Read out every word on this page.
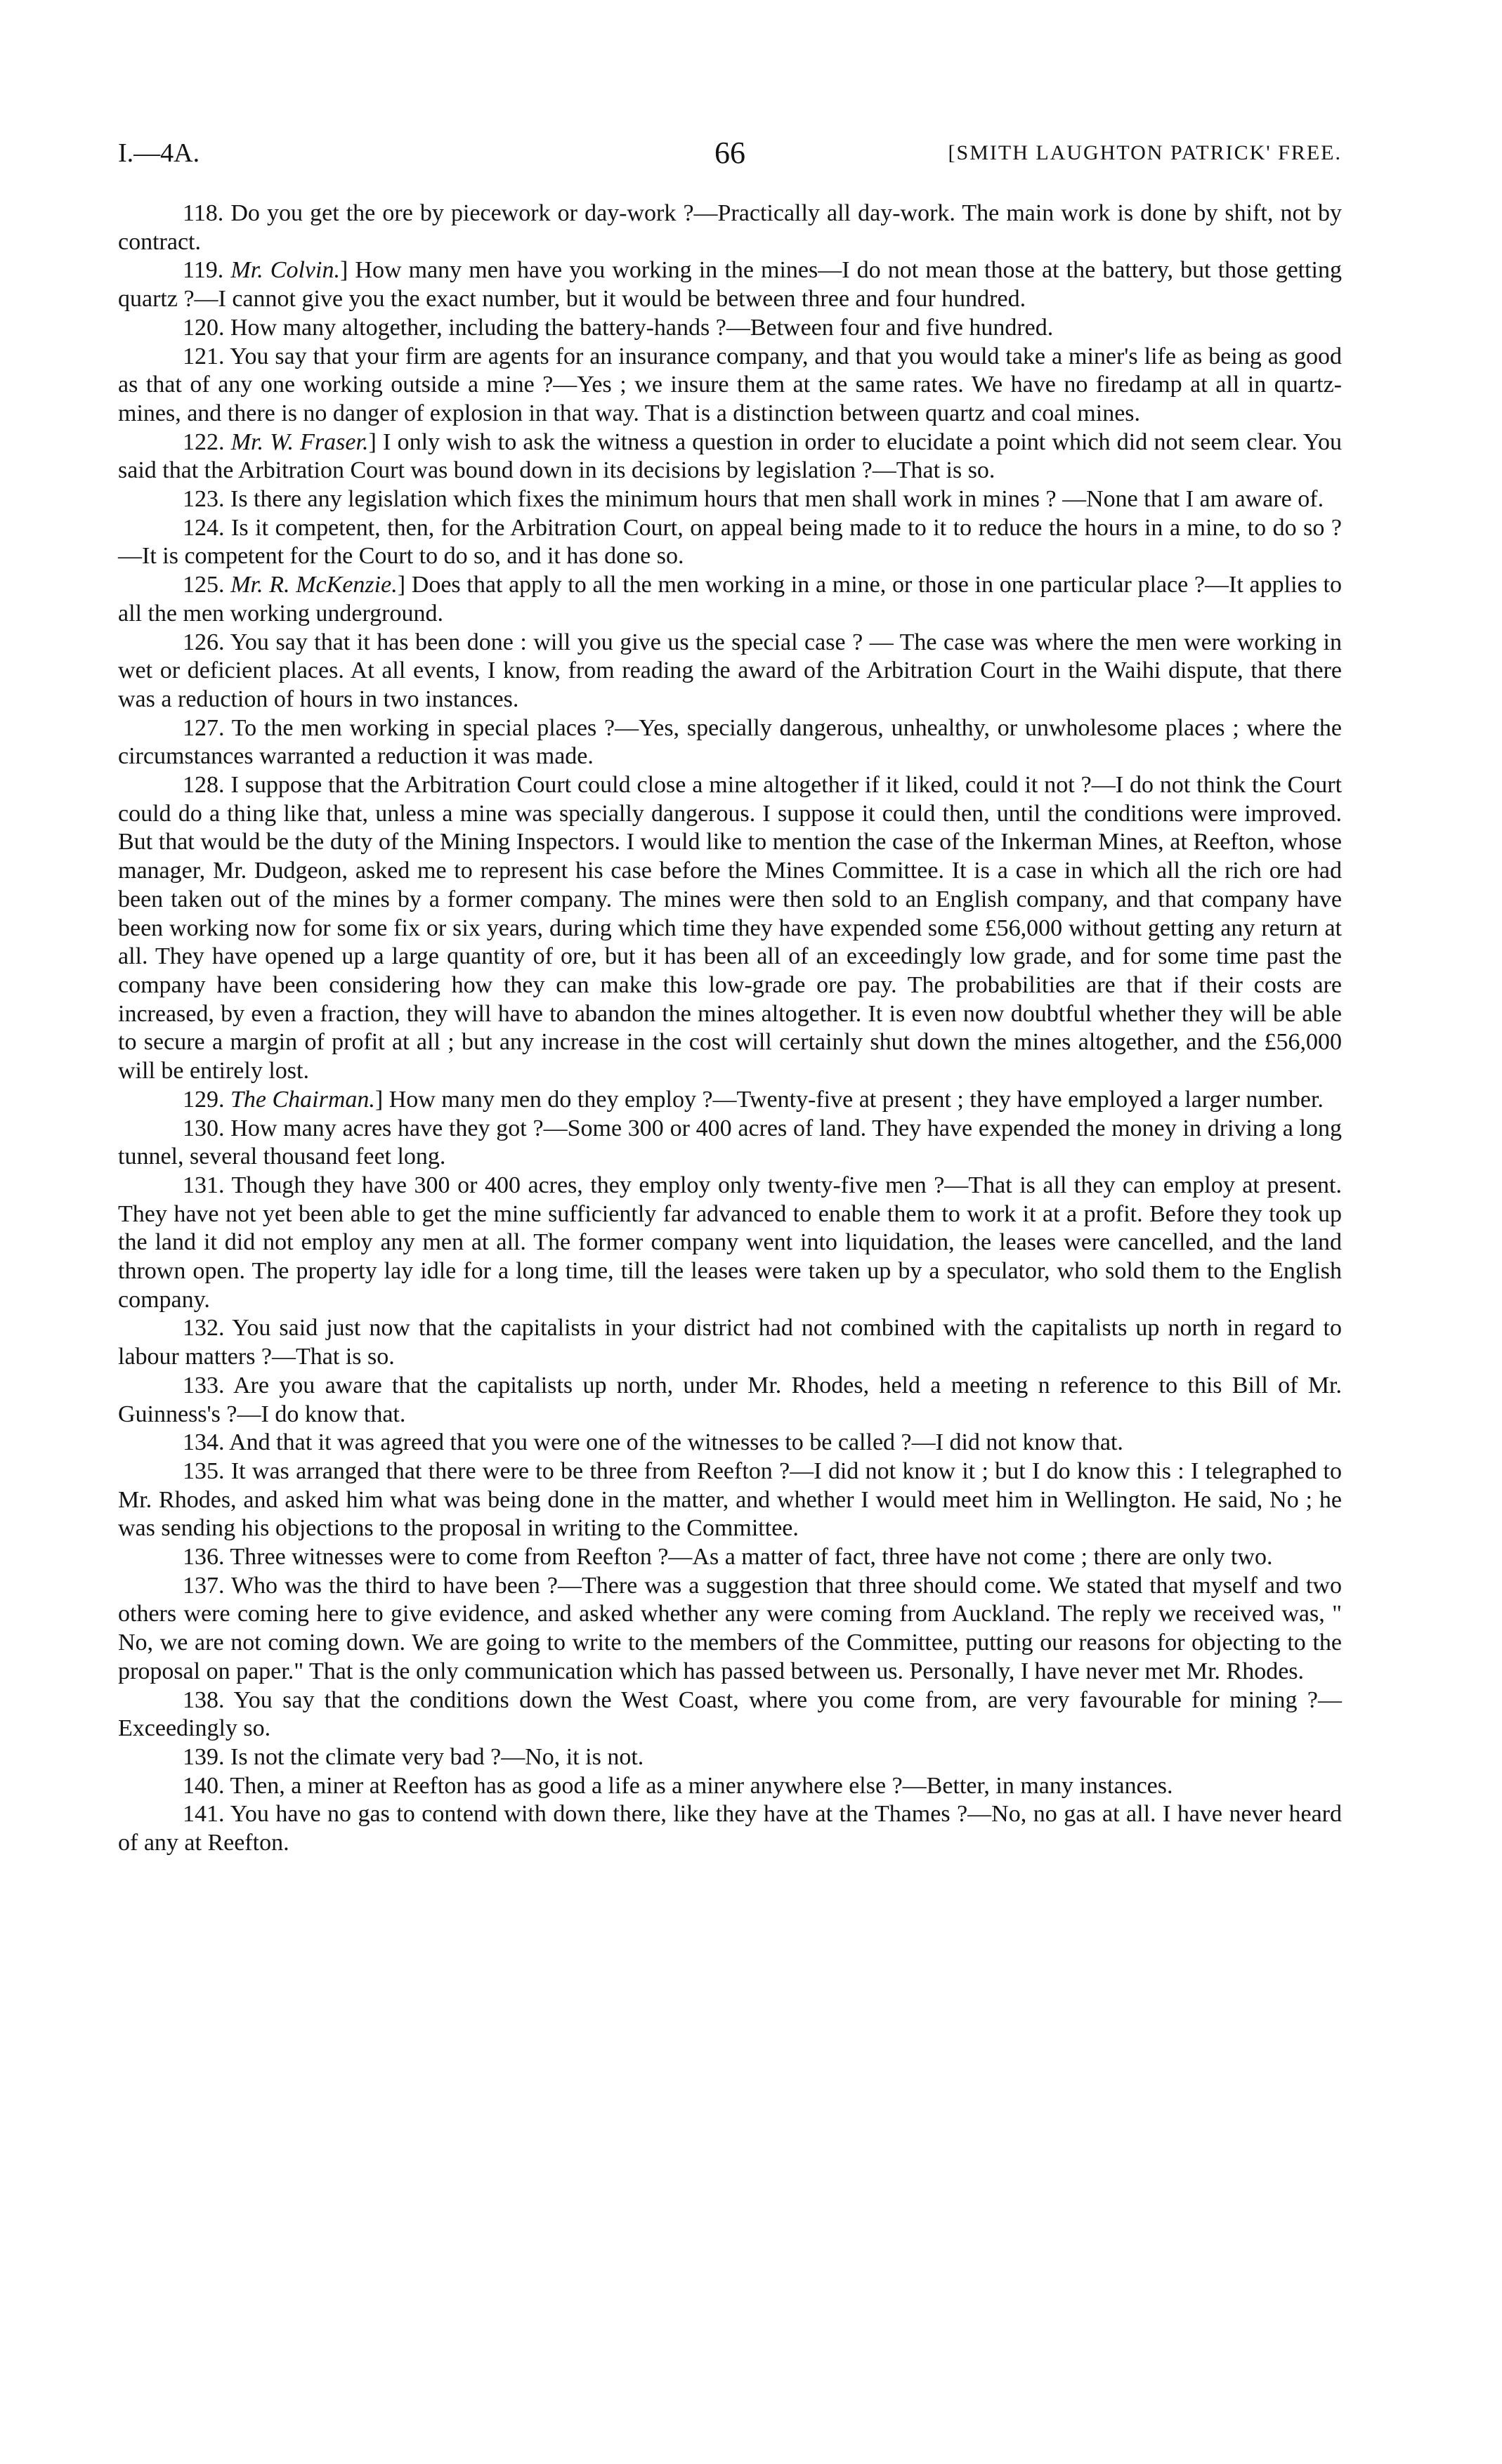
I.—4A.	66	[SMITH LAUGHTON PATRICK' FREE.

118. Do you get the ore by piecework or day-work ?—Practically all day-work. The main work is done by shift, not by contract.

119. Mr. Colvin.] How many men have you working in the mines—I do not mean those at the battery, but those getting quartz ?—I cannot give you the exact number, but it would be between three and four hundred.

120. How many altogether, including the battery-hands ?—Between four and five hundred.

121. You say that your firm are agents for an insurance company, and that you would take a miner's life as being as good as that of any one working outside a mine ?—Yes ; we insure them at the same rates. We have no firedamp at all in quartz-mines, and there is no danger of explosion in that way. That is a distinction between quartz and coal mines.

122. Mr. W. Fraser.] I only wish to ask the witness a question in order to elucidate a point which did not seem clear. You said that the Arbitration Court was bound down in its decisions by legislation ?—That is so.

123. Is there any legislation which fixes the minimum hours that men shall work in mines ? —None that I am aware of.

124. Is it competent, then, for the Arbitration Court, on appeal being made to it to reduce the hours in a mine, to do so ?—It is competent for the Court to do so, and it has done so.

125. Mr. R. McKenzie.] Does that apply to all the men working in a mine, or those in one particular place ?—It applies to all the men working underground.

126. You say that it has been done : will you give us the special case ? — The case was where the men were working in wet or deficient places. At all events, I know, from reading the award of the Arbitration Court in the Waihi dispute, that there was a reduction of hours in two instances.

127. To the men working in special places ?—Yes, specially dangerous, unhealthy, or unwholesome places ; where the circumstances warranted a reduction it was made.

128. I suppose that the Arbitration Court could close a mine altogether if it liked, could it not ?—I do not think the Court could do a thing like that, unless a mine was specially dangerous. I suppose it could then, until the conditions were improved. But that would be the duty of the Mining Inspectors. I would like to mention the case of the Inkerman Mines, at Reefton, whose manager, Mr. Dudgeon, asked me to represent his case before the Mines Committee. It is a case in which all the rich ore had been taken out of the mines by a former company. The mines were then sold to an English company, and that company have been working now for some fix or six years, during which time they have expended some £56,000 without getting any return at all. They have opened up a large quantity of ore, but it has been all of an exceedingly low grade, and for some time past the company have been considering how they can make this low-grade ore pay. The probabilities are that if their costs are increased, by even a fraction, they will have to abandon the mines altogether. It is even now doubtful whether they will be able to secure a margin of profit at all ; but any increase in the cost will certainly shut down the mines altogether, and the £56,000 will be entirely lost.

129. The Chairman.] How many men do they employ ?—Twenty-five at present ; they have employed a larger number.

130. How many acres have they got ?—Some 300 or 400 acres of land. They have expended the money in driving a long tunnel, several thousand feet long.

131. Though they have 300 or 400 acres, they employ only twenty-five men ?—That is all they can employ at present. They have not yet been able to get the mine sufficiently far advanced to enable them to work it at a profit. Before they took up the land it did not employ any men at all. The former company went into liquidation, the leases were cancelled, and the land thrown open. The property lay idle for a long time, till the leases were taken up by a speculator, who sold them to the English company.

132. You said just now that the capitalists in your district had not combined with the capitalists up north in regard to labour matters ?—That is so.

133. Are you aware that the capitalists up north, under Mr. Rhodes, held a meeting n reference to this Bill of Mr. Guinness's ?—I do know that.

134. And that it was agreed that you were one of the witnesses to be called ?—I did not know that.

135. It was arranged that there were to be three from Reefton ?—I did not know it ; but I do know this : I telegraphed to Mr. Rhodes, and asked him what was being done in the matter, and whether I would meet him in Wellington. He said, No ; he was sending his objections to the proposal in writing to the Committee.

136. Three witnesses were to come from Reefton ?—As a matter of fact, three have not come ; there are only two.

137. Who was the third to have been ?—There was a suggestion that three should come. We stated that myself and two others were coming here to give evidence, and asked whether any were coming from Auckland. The reply we received was, " No, we are not coming down. We are going to write to the members of the Committee, putting our reasons for objecting to the proposal on paper." That is the only communication which has passed between us. Personally, I have never met Mr. Rhodes.

138. You say that the conditions down the West Coast, where you come from, are very favourable for mining ?—Exceedingly so.

139. Is not the climate very bad ?—No, it is not.

140. Then, a miner at Reefton has as good a life as a miner anywhere else ?—Better, in many instances.

141. You have no gas to contend with down there, like they have at the Thames ?—No, no gas at all. I have never heard of any at Reefton.
